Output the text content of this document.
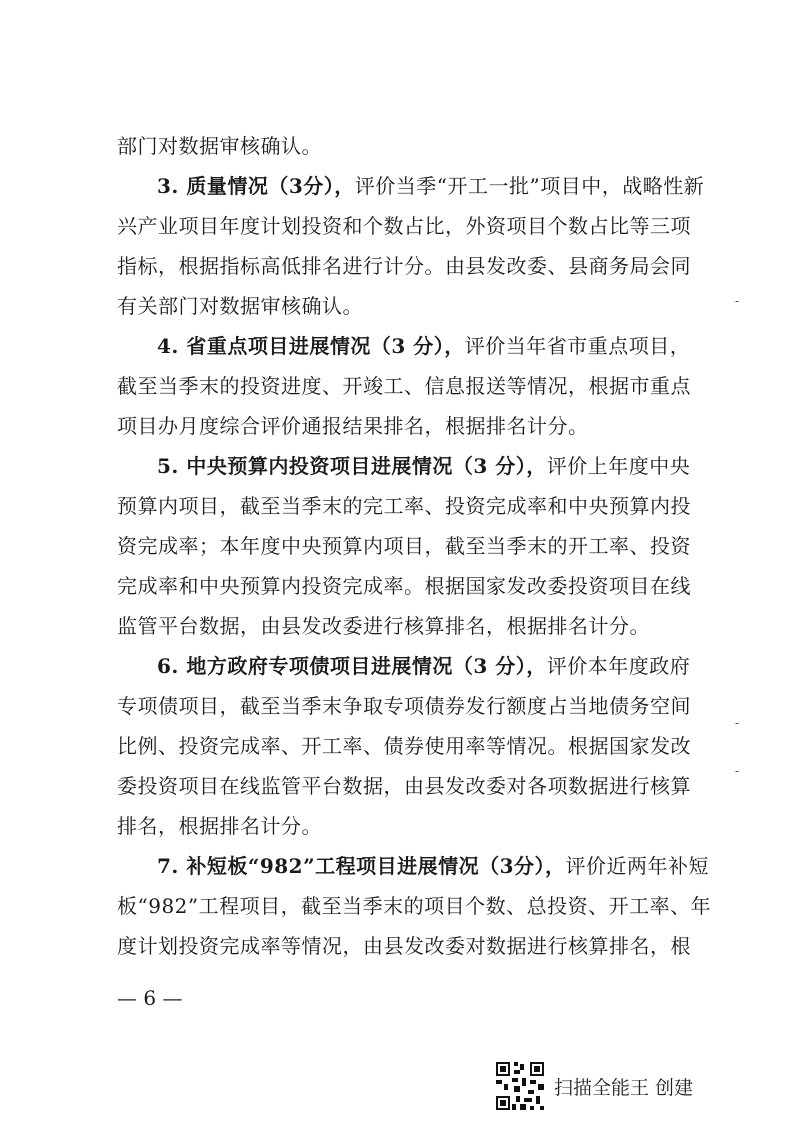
部门对数据审核确认。
3. 质量情况（3分），评价当季“开工一批”项目中，战略性新
兴产业项目年度计划投资和个数占比，外资项目个数占比等三项
指标，根据指标高低排名进行计分。由县发改委、县商务局会同
有关部门对数据审核确认。
4. 省重点项目进展情况（3 分），评价当年省市重点项目，
截至当季末的投资进度、开竣工、信息报送等情况，根据市重点
项目办月度综合评价通报结果排名，根据排名计分。
5. 中央预算内投资项目进展情况（3 分），评价上年度中央
预算内项目，截至当季末的完工率、投资完成率和中央预算内投
资完成率；本年度中央预算内项目，截至当季末的开工率、投资
完成率和中央预算内投资完成率。根据国家发改委投资项目在线
监管平台数据，由县发改委进行核算排名，根据排名计分。
6. 地方政府专项债项目进展情况（3 分），评价本年度政府
专项债项目，截至当季末争取专项债券发行额度占当地债务空间
比例、投资完成率、开工率、债券使用率等情况。根据国家发改
委投资项目在线监管平台数据，由县发改委对各项数据进行核算
排名，根据排名计分。
7. 补短板“982”工程项目进展情况（3分），评价近两年补短
板“982”工程项目，截至当季末的项目个数、总投资、开工率、年
度计划投资完成率等情况，由县发改委对数据进行核算排名，根
— 6 —
-
-
-
扫描全能王 创建
